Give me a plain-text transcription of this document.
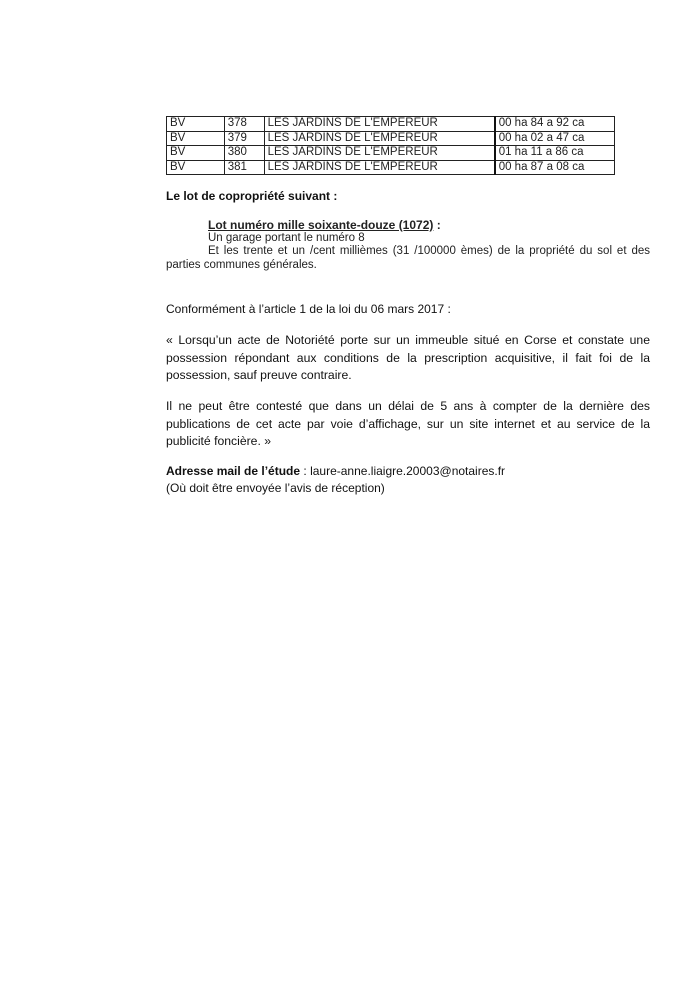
BV	378	LES JARDINS DE L'EMPEREUR	00 ha 84 a 92 ca
BV	379	LES JARDINS DE L'EMPEREUR	00 ha 02 a 47 ca
BV	380	LES JARDINS DE L'EMPEREUR	01 ha 11 a 86 ca
BV	381	LES JARDINS DE L'EMPEREUR	00 ha 87 a 08 ca
Le lot de copropriété suivant :
Lot numéro mille soixante-douze (1072) :
Un garage portant le numéro 8
Et les trente et un /cent millièmes (31 /100000 èmes) de la propriété du sol et des parties communes générales.
Conformément à l’article 1 de la loi du 06 mars 2017 :
« Lorsqu’un acte de Notoriété porte sur un immeuble situé en Corse et constate une possession répondant aux conditions de la prescription acquisitive, il fait foi de la possession, sauf preuve contraire.
Il ne peut être contesté que dans un délai de 5 ans à compter de la dernière des publications de cet acte par voie d’affichage, sur un site internet et au service de la publicité foncière. »
Adresse mail de l’étude : laure-anne.liaigre.20003@notaires.fr
(Où doit être envoyée l’avis de réception)
